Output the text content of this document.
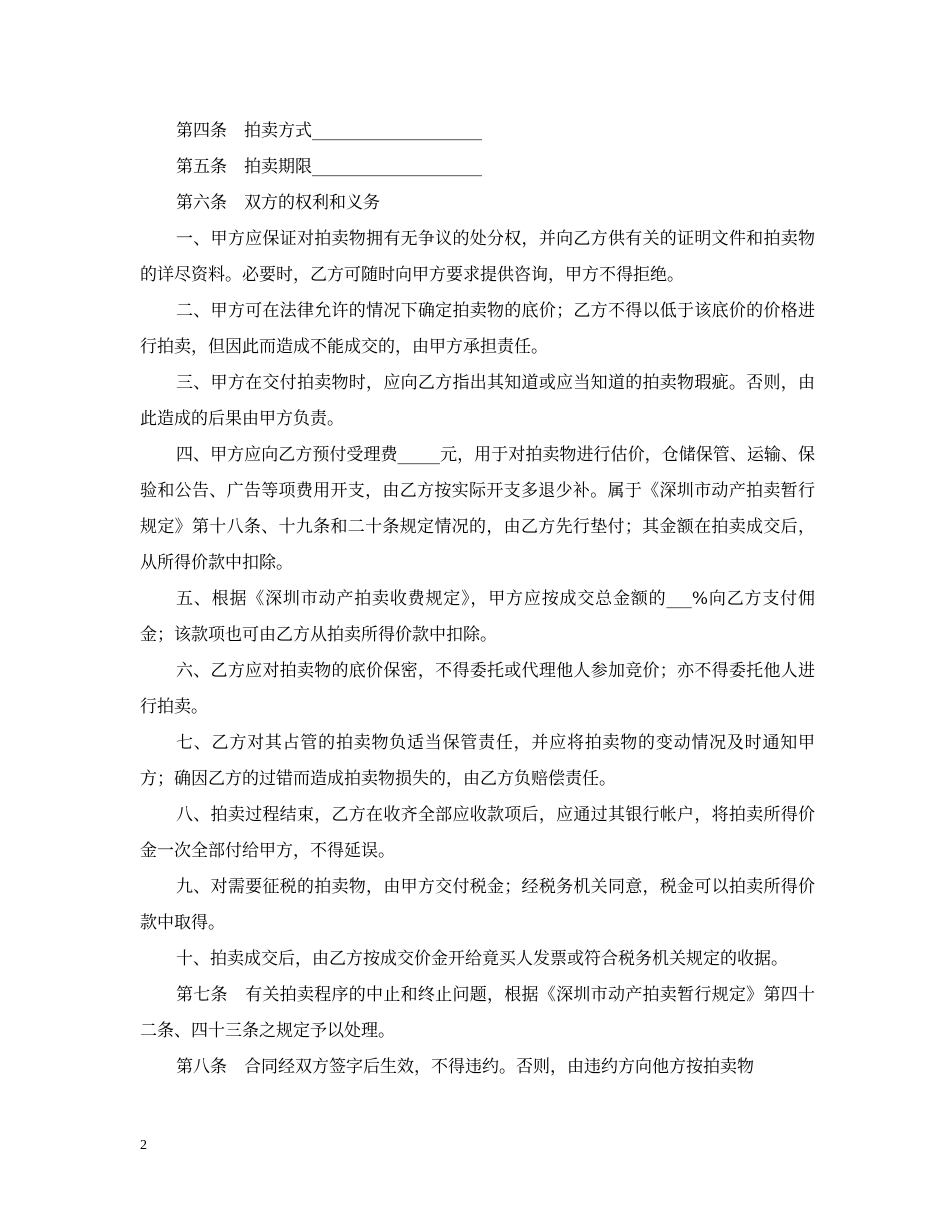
第四条　拍卖方式____________________

第五条　拍卖期限____________________

第六条　双方的权利和义务

一、甲方应保证对拍卖物拥有无争议的处分权，并向乙方供有关的证明文件和拍卖物的详尽资料。必要时，乙方可随时向甲方要求提供咨询，甲方不得拒绝。

二、甲方可在法律允许的情况下确定拍卖物的底价；乙方不得以低于该底价的价格进行拍卖，但因此而造成不能成交的，由甲方承担责任。

三、甲方在交付拍卖物时，应向乙方指出其知道或应当知道的拍卖物瑕疵。否则，由此造成的后果由甲方负责。

四、甲方应向乙方预付受理费_____元，用于对拍卖物进行估价，仓储保管、运输、保验和公告、广告等项费用开支，由乙方按实际开支多退少补。属于《深圳市动产拍卖暂行规定》第十八条、十九条和二十条规定情况的，由乙方先行垫付；其金额在拍卖成交后，从所得价款中扣除。

五、根据《深圳市动产拍卖收费规定》，甲方应按成交总金额的___%向乙方支付佣金；该款项也可由乙方从拍卖所得价款中扣除。

六、乙方应对拍卖物的底价保密，不得委托或代理他人参加竞价；亦不得委托他人进行拍卖。

七、乙方对其占管的拍卖物负适当保管责任，并应将拍卖物的变动情况及时通知甲方；确因乙方的过错而造成拍卖物损失的，由乙方负赔偿责任。

八、拍卖过程结束，乙方在收齐全部应收款项后，应通过其银行帐户，将拍卖所得价金一次全部付给甲方，不得延误。

九、对需要征税的拍卖物，由甲方交付税金；经税务机关同意，税金可以拍卖所得价款中取得。

十、拍卖成交后，由乙方按成交价金开给竟买人发票或符合税务机关规定的收据。

第七条　有关拍卖程序的中止和终止问题，根据《深圳市动产拍卖暂行规定》第四十二条、四十三条之规定予以处理。

第八条　合同经双方签字后生效，不得违约。否则，由违约方向他方按拍卖物

2
